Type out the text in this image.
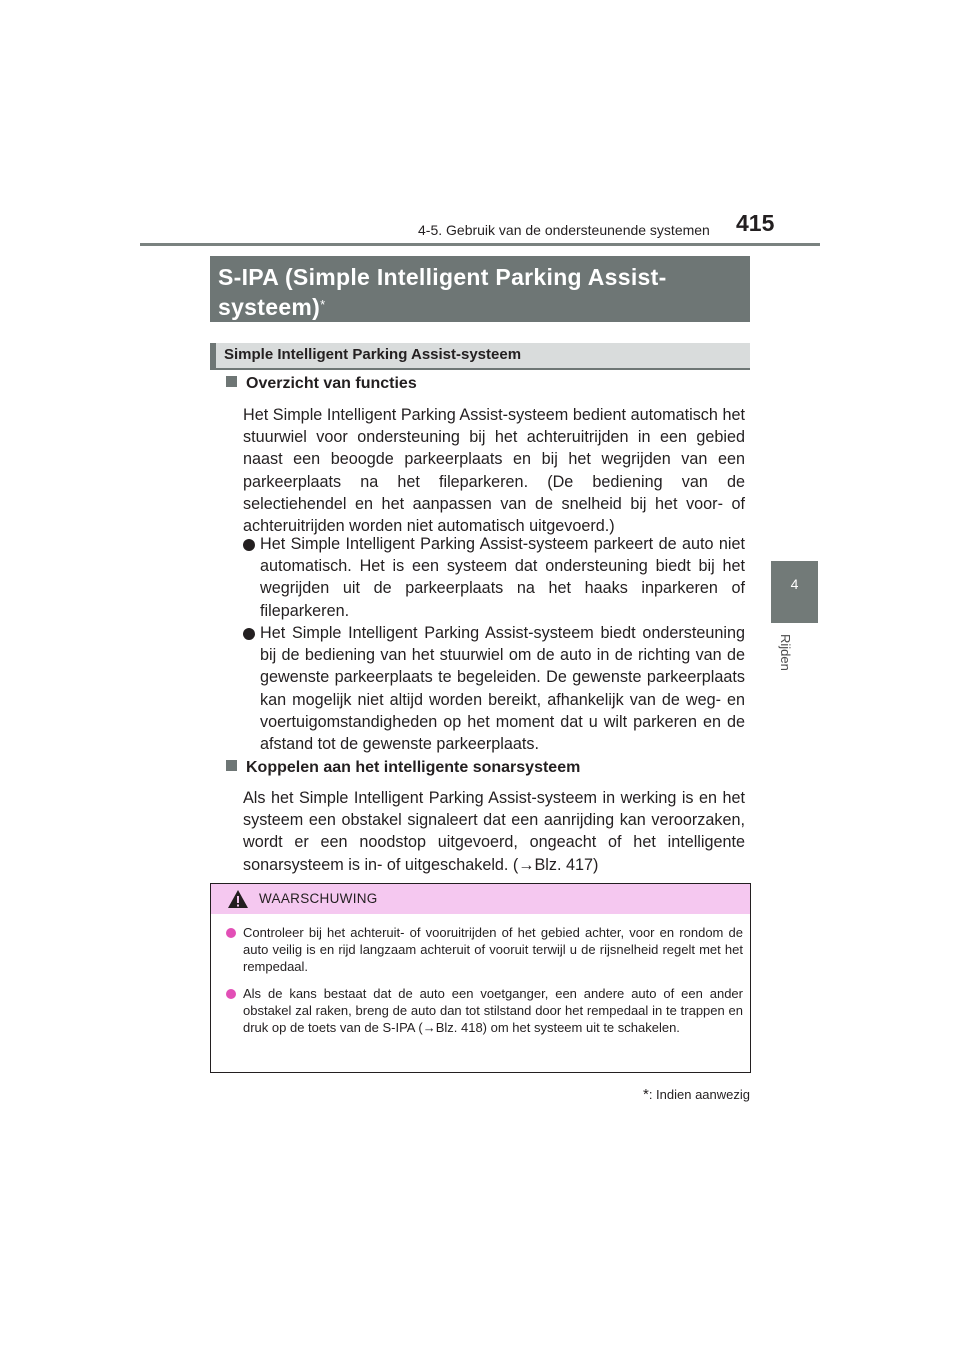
4-5. Gebruik van de ondersteunende systemen 415
4
Rijden
S-IPA (Simple Intelligent Parking Assist-
systeem)*
Simple Intelligent Parking Assist-systeem
Overzicht van functies
Het Simple Intelligent Parking Assist-systeem bedient automatisch het stuurwiel voor ondersteuning bij het achteruitrijden in een gebied naast een beoogde parkeerplaats en bij het wegrijden van een parkeerplaats na het fileparkeren. (De bediening van de selectiehendel en het aanpassen van de snelheid bij het voor- of achteruitrijden worden niet automatisch uitgevoerd.)
Het Simple Intelligent Parking Assist-systeem parkeert de auto niet automatisch. Het is een systeem dat ondersteuning biedt bij het wegrijden uit de parkeerplaats na het haaks inparkeren of fileparkeren.
Het Simple Intelligent Parking Assist-systeem biedt ondersteuning bij de bediening van het stuurwiel om de auto in de richting van de gewenste parkeerplaats te begeleiden. De gewenste parkeerplaats kan mogelijk niet altijd worden bereikt, afhankelijk van de weg- en voertuigomstandigheden op het moment dat u wilt parkeren en de afstand tot de gewenste parkeerplaats.
Koppelen aan het intelligente sonarsysteem
Als het Simple Intelligent Parking Assist-systeem in werking is en het systeem een obstakel signaleert dat een aanrijding kan veroorzaken, wordt er een noodstop uitgevoerd, ongeacht of het intelligente sonarsysteem is in- of uitgeschakeld. (→Blz. 417)
WAARSCHUWING
Controleer bij het achteruit- of vooruitrijden of het gebied achter, voor en rondom de auto veilig is en rijd langzaam achteruit of vooruit terwijl u de rijsnelheid regelt met het rempedaal.
Als de kans bestaat dat de auto een voetganger, een andere auto of een ander obstakel zal raken, breng de auto dan tot stilstand door het rempedaal in te trappen en druk op de toets van de S-IPA (→Blz. 418) om het systeem uit te schakelen.
*: Indien aanwezig
